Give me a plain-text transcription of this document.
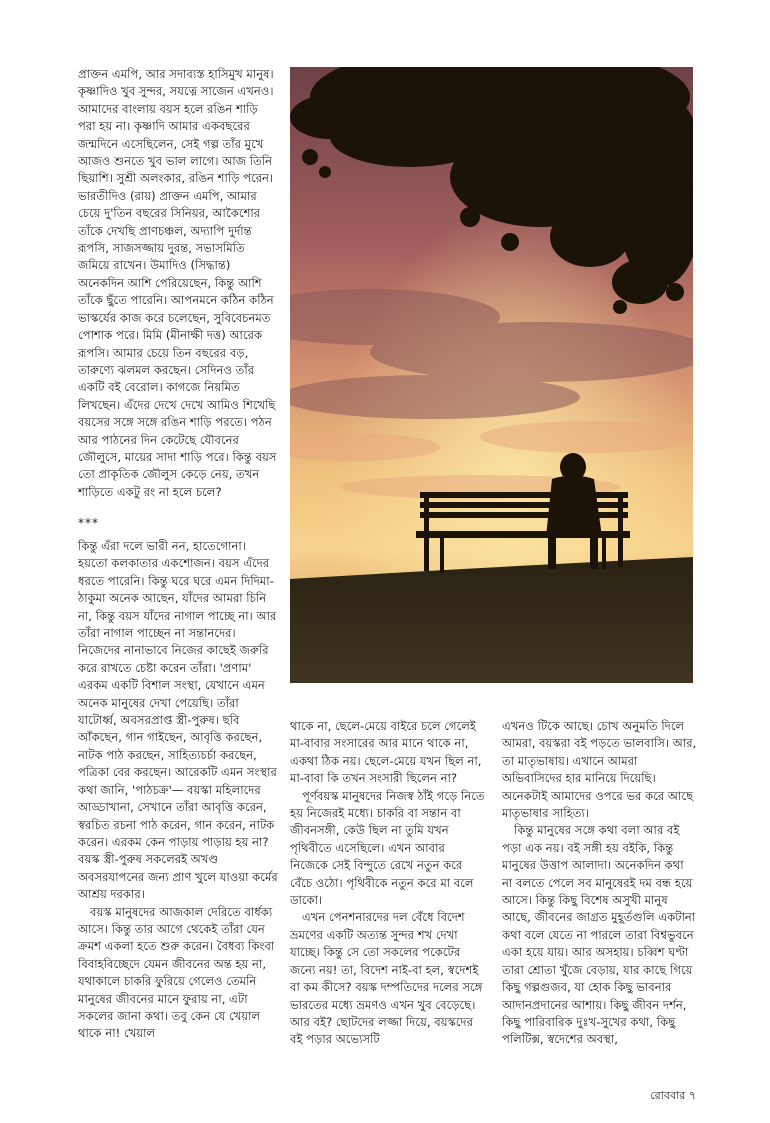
প্রাক্তন এমপি, আর সদাব্যস্ত হাসিমুখ মানুষ। কৃষ্ণাদিও খুব সুন্দর, সযত্নে সাজেন এখনও। আমাদের বাংলায় বয়স হলে রঙিন শাড়ি পরা হয় না। কৃষ্ণাদি আমার একবছরের জন্মদিনে এসেছিলেন, সেই গল্প তাঁর মুখে আজও শুনতে খুব ভাল লাগে। আজ তিনি ছিয়াশি। সুশ্রী অলংকার, রঙিন শাড়ি পরেন। ভারতীদিও (রায়) প্রাক্তন এমপি, আমার চেয়ে দু'তিন বছরের সিনিয়র, আকৈশোর তাঁকে দেখছি প্রাণচঞ্চল, অদ্যাপি দুর্দান্ত রূপসি, সাজসজ্জায় দুরন্ত, সভাসমিতি জমিয়ে রাখেন। উমাদিও (সিদ্ধান্ত) অনেকদিন আশি পেরিয়েছেন, কিন্তু আশি তাঁকে ছুঁতে পারেনি। আপনমনে কঠিন কঠিন ভাস্কর্যের কাজ করে চলেছেন, সুবিবেচনমত পোশাক পরে। মিমি (মীনাক্ষী দত্ত) আরেক রূপসি। আমার চেয়ে তিন বছরের বড়, তারুণ্যে ঝলমল করছেন। সেদিনও তাঁর একটি বই বেরোল। কাগজে নিয়মিত লিখছেন। এঁদের দেখে দেখে আমিও শিখেছি বয়সের সঙ্গে সঙ্গে রঙিন শাড়ি পরতে। পঠন আর পাঠনের দিন কেটেছে যৌবনের জৌলুসে, মায়ের সাদা শাড়ি পরে। কিন্তু বয়স তো প্রাকৃতিক জৌলুস কেড়ে নেয়, তখন শাড়িতে একটু রং না হলে চলে?

***

কিন্তু এঁরা দলে ভারী নন, হাতেগোনা। হয়তো কলকাতার একশোজন। বয়স এঁদের ধরতে পারেনি। কিন্তু ঘরে ঘরে এমন দিদিমা-ঠাকুমা অনেক আছেন, যাঁদের আমরা চিনি না, কিন্তু বয়স যাঁদের নাগাল পাচ্ছে না। আর তাঁরা নাগাল পাচ্ছেন না সন্তানদের। নিজেদের নানাভাবে নিজের কাছেই জরুরি করে রাখতে চেষ্টা করেন তাঁরা। 'প্রণাম' এরকম একটি বিশাল সংস্থা, যেখানে এমন অনেক মানুষের দেখা পেয়েছি। তাঁরা যাটোর্ধ্ব, অবসরপ্রাপ্ত স্ত্রী-পুরুষ। ছবি আঁকছেন, গান গাইছেন, আবৃত্তি করছেন, নাটক পাঠ করছেন, সাহিত্যচর্চা করছেন, পত্রিকা বের করছেন। আরেকটি এমন সংস্থার কথা জানি, 'পাঠচক্র'— বয়স্কা মহিলাদের আড্ডাখানা, সেখানে তাঁরা আবৃত্তি করেন, স্বরচিত রচনা পাঠ করেন, গান করেন, নাটক করেন। এরকম কেন পাড়ায় পাড়ায় হয় না? বয়স্ক স্ত্রী-পুরুষ সকলেরই অখণ্ড অবসরযাপনের জন্য প্রাণ খুলে যাওয়া কর্মের আশ্রয় দরকার।

বয়স্ক মানুষদের আজকাল দেরিতে বার্ধক্য আসে। কিন্তু তার আগে থেকেই তাঁরা যেন ক্রমশ একলা হতে শুরু করেন। বৈধব্য কিংবা বিবাহবিচ্ছেদে যেমন জীবনের অন্ত হয় না, যথাকালে চাকরি ফুরিয়ে গেলেও তেমনি মানুষের জীবনের মানে ফুরায় না, এটা সকলের জানা কথা। তবু কেন যে খেয়াল থাকে না! খেয়াল

থাকে না, ছেলে-মেয়ে বাইরে চলে গেলেই মা-বাবার সংসারের আর মানে থাকে না, একথা ঠিক নয়। ছেলে-মেয়ে যখন ছিল না, মা-বাবা কি তখন সংসারী ছিলেন না?

পূর্ণবয়স্ক মানুষদের নিজস্ব ঠাঁই গড়ে নিতে হয় নিজেরই মধ্যে। চাকরি বা সন্তান বা জীবনসঙ্গী, কেউ ছিল না তুমি যখন পৃথিবীতে এসেছিলে। এখন আবার নিজেকে সেই বিন্দুতে রেখে নতুন করে বেঁচে ওঠো। পৃথিবীকে নতুন করে মা বলে ডাকো।

এখন পেনশনারদের দল বেঁধে বিদেশ ভ্রমণের একটি অত্যন্ত সুন্দর শখ দেখা যাচ্ছে। কিন্তু সে তো সকলের পকেটের জন্যে নয়! তা, বিদেশ নাই-বা হল, স্বদেশই বা কম কীসে? বয়স্ক দম্পতিদের দলের সঙ্গে ভারতের মধ্যে ভ্রমণও এখন খুব বেড়েছে। আর বই? ছোটদের লজ্জা দিয়ে, বয়স্কদের বই পড়ার অভ্যেসটি

এখনও টিকে আছে। চোখ অনুমতি দিলে আমরা, বয়স্করা বই পড়তে ভালবাসি। আর, তা মাতৃভাষায়। এখানে আমরা অভিবাসিদের হার মানিয়ে দিয়েছি। অনেকটাই আমাদের ওপরে ভর করে আছে মাতৃভাষার সাহিত্য।

কিন্তু মানুষের সঙ্গে কথা বলা আর বই পড়া এক নয়। বই সঙ্গী হয় বইকি, কিন্তু মানুষের উত্তাপ আলাদা। অনেকদিন কথা না বলতে পেলে সব মানুষেরই দম বন্ধ হয়ে আসে। কিন্তু কিছু বিশেষ অসুখী মানুষ আছে, জীবনের জাগ্রত মুহূর্তগুলি একটানা কথা বলে যেতে না পারলে তারা বিশ্বভুবনে একা হয়ে যায়। আর অসহায়। চব্বিশ ঘণ্টা তারা শ্রোতা খুঁজে বেড়ায়, যার কাছে গিয়ে কিছু গল্পগুজব, যা হোক কিছু ভাবনার আদানপ্রদানের আশায়। কিছু জীবন দর্শন, কিছু পারিবারিক দুঃখ-সুখের কথা, কিছু পলিটিক্স, স্বদেশের অবস্থা,

রোববার ৭
